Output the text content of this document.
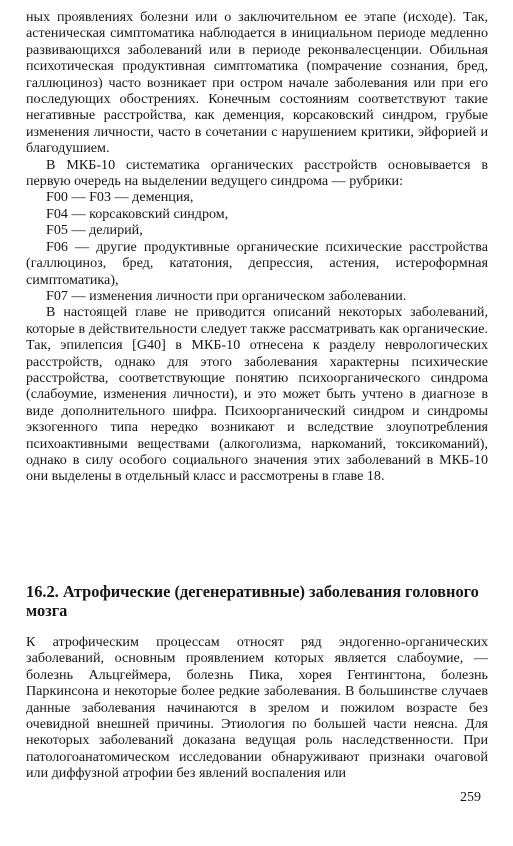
ных проявлениях болезни или о заключительном ее этапе (исходе). Так, астеническая симптоматика наблюдается в инициальном периоде медленно развивающихся заболеваний или в периоде реконвалесценции. Обильная психотическая продуктивная симптоматика (помрачение сознания, бред, галлюциноз) часто возникает при остром начале заболевания или при его последующих обострениях. Конечным состояниям соответствуют такие негативные расстройства, как деменция, корсаковский синдром, грубые изменения личности, часто в сочетании с нарушением критики, эйфорией и благодушием.

В МКБ-10 систематика органических расстройств основывается в первую очередь на выделении ведущего синдрома — рубрики:

F00 — F03 — деменция,

F04 — корсаковский синдром,

F05 — делирий,

F06 — другие продуктивные органические психические расстройства (галлюциноз, бред, кататония, депрессия, астения, истероформная симптоматика),

F07 — изменения личности при органическом заболевании.

В настоящей главе не приводится описаний некоторых заболеваний, которые в действительности следует также рассматривать как органические. Так, эпилепсия [G40] в МКБ-10 отнесена к разделу неврологических расстройств, однако для этого заболевания характерны психические расстройства, соответствующие понятию психоорганического синдрома (слабоумие, изменения личности), и это может быть учтено в диагнозе в виде дополнительного шифра. Психоорганический синдром и синдромы экзогенного типа нередко возникают и вследствие злоупотребления психоактивными веществами (алкоголизма, наркоманий, токсикоманий), однако в силу особого социального значения этих заболеваний в МКБ-10 они выделены в отдельный класс и рассмотрены в главе 18.

16.2. Атрофические (дегенеративные) заболевания головного мозга

К атрофическим процессам относят ряд эндогенно-органических заболеваний, основным проявлением которых является слабоумие, — болезнь Альцгеймера, болезнь Пика, хорея Гентингтона, болезнь Паркинсона и некоторые более редкие заболевания. В большинстве случаев данные заболевания начинаются в зрелом и пожилом возрасте без очевидной внешней причины. Этиология по большей части неясна. Для некоторых заболеваний доказана ведущая роль наследственности. При патологоанатомическом исследовании обнаруживают признаки очаговой или диффузной атрофии без явлений воспаления или

259
